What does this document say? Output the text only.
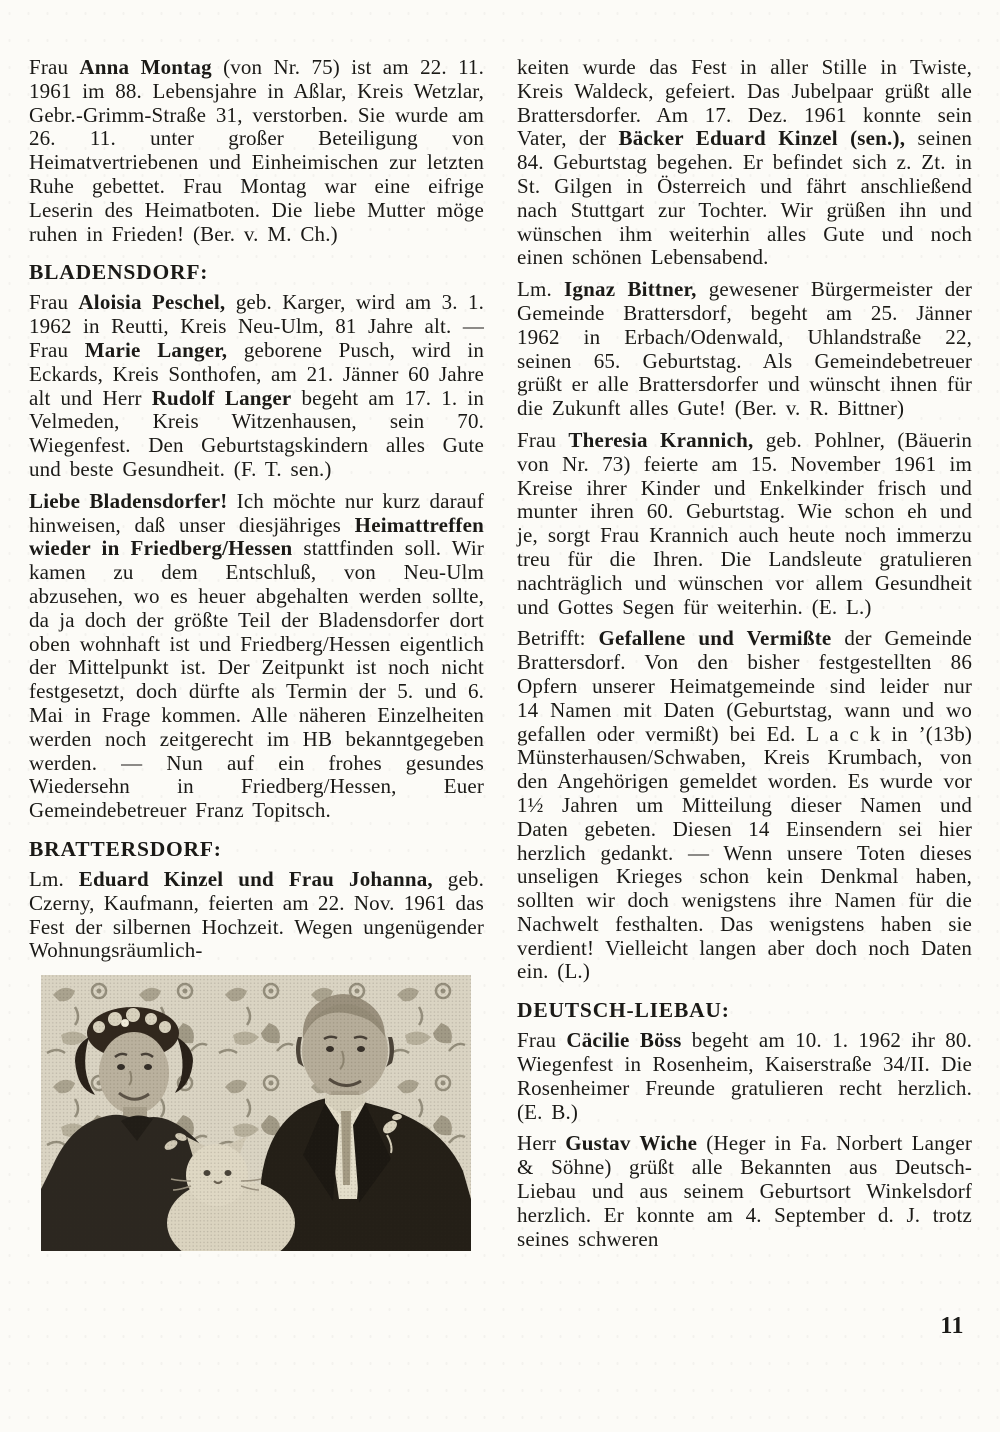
Frau Anna Montag (von Nr. 75) ist am 22. 11. 1961 im 88. Lebensjahre in Aßlar, Kreis Wetzlar, Gebr.-Grimm-Straße 31, verstorben. Sie wurde am 26. 11. unter großer Beteiligung von Heimatvertriebenen und Einheimischen zur letzten Ruhe gebettet. Frau Montag war eine eifrige Leserin des Heimatboten. Die liebe Mutter möge ruhen in Frieden! (Ber. v. M. Ch.)

BLADENSDORF:

Frau Aloisia Peschel, geb. Karger, wird am 3. 1. 1962 in Reutti, Kreis Neu-Ulm, 81 Jahre alt. — Frau Marie Langer, geborene Pusch, wird in Eckards, Kreis Sonthofen, am 21. Jänner 60 Jahre alt und Herr Rudolf Langer begeht am 17. 1. in Velmeden, Kreis Witzenhausen, sein 70. Wiegenfest. Den Geburtstagskindern alles Gute und beste Gesundheit. (F. T. sen.)

Liebe Bladensdorfer! Ich möchte nur kurz darauf hinweisen, daß unser diesjähriges Heimattreffen wieder in Friedberg/Hessen stattfinden soll. Wir kamen zu dem Entschluß, von Neu-Ulm abzusehen, wo es heuer abgehalten werden sollte, da ja doch der größte Teil der Bladensdorfer dort oben wohnhaft ist und Friedberg/Hessen eigentlich der Mittelpunkt ist. Der Zeitpunkt ist noch nicht festgesetzt, doch dürfte als Termin der 5. und 6. Mai in Frage kommen. Alle näheren Einzelheiten werden noch zeitgerecht im HB bekanntgegeben werden. — Nun auf ein frohes gesundes Wiedersehn in Friedberg/Hessen, Euer Gemeindebetreuer Franz Topitsch.

BRATTERSDORF:

Lm. Eduard Kinzel und Frau Johanna, geb. Czerny, Kaufmann, feierten am 22. Nov. 1961 das Fest der silbernen Hochzeit. Wegen ungenügender Wohnungsräumlich-

keiten wurde das Fest in aller Stille in Twiste, Kreis Waldeck, gefeiert. Das Jubelpaar grüßt alle Brattersdorfer. Am 17. Dez. 1961 konnte sein Vater, der Bäcker Eduard Kinzel (sen.), seinen 84. Geburtstag begehen. Er befindet sich z. Zt. in St. Gilgen in Österreich und fährt anschließend nach Stuttgart zur Tochter. Wir grüßen ihn und wünschen ihm weiterhin alles Gute und noch einen schönen Lebensabend.

Lm. Ignaz Bittner, gewesener Bürgermeister der Gemeinde Brattersdorf, begeht am 25. Jänner 1962 in Erbach/Odenwald, Uhlandstraße 22, seinen 65. Geburtstag. Als Gemeindebetreuer grüßt er alle Brattersdorfer und wünscht ihnen für die Zukunft alles Gute! (Ber. v. R. Bittner)

Frau Theresia Krannich, geb. Pohlner, (Bäuerin von Nr. 73) feierte am 15. November 1961 im Kreise ihrer Kinder und Enkelkinder frisch und munter ihren 60. Geburtstag. Wie schon eh und je, sorgt Frau Krannich auch heute noch immerzu treu für die Ihren. Die Landsleute gratulieren nachträglich und wünschen vor allem Gesundheit und Gottes Segen für weiterhin. (E. L.)

Betrifft: Gefallene und Vermißte der Gemeinde Brattersdorf. Von den bisher festgestellten 86 Opfern unserer Heimatgemeinde sind leider nur 14 Namen mit Daten (Geburtstag, wann und wo gefallen oder vermißt) bei Ed. L a c k in ’(13b) Münsterhausen/Schwaben, Kreis Krumbach, von den Angehörigen gemeldet worden. Es wurde vor 1½ Jahren um Mitteilung dieser Namen und Daten gebeten. Diesen 14 Einsendern sei hier herzlich gedankt. — Wenn unsere Toten dieses unseligen Krieges schon kein Denkmal haben, sollten wir doch wenigstens ihre Namen für die Nachwelt festhalten. Das wenigstens haben sie verdient! Vielleicht langen aber doch noch Daten ein. (L.)

DEUTSCH-LIEBAU:

Frau Cäcilie Böss begeht am 10. 1. 1962 ihr 80. Wiegenfest in Rosenheim, Kaiserstraße 34/II. Die Rosenheimer Freunde gratulieren recht herzlich. (E. B.)

Herr Gustav Wiche (Heger in Fa. Norbert Langer & Söhne) grüßt alle Bekannten aus Deutsch-Liebau und aus seinem Geburtsort Winkelsdorf herzlich. Er konnte am 4. September d. J. trotz seines schweren

11
